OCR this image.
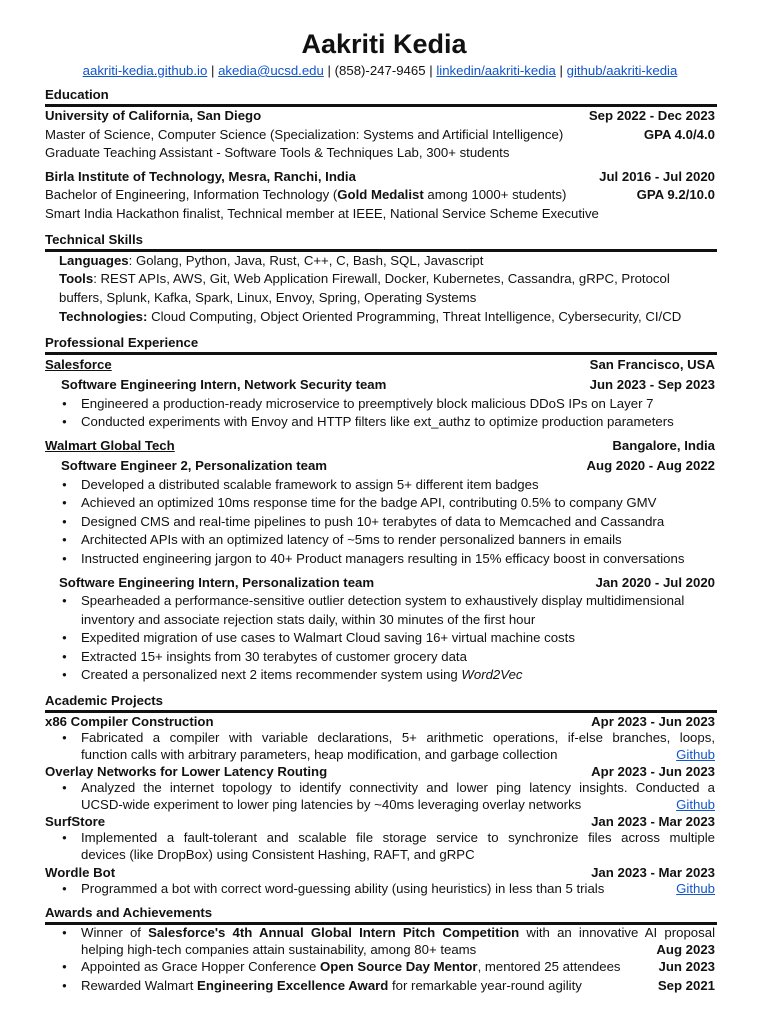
Aakriti Kedia
aakriti-kedia.github.io | akedia@ucsd.edu | (858)-247-9465 | linkedin/aakriti-kedia | github/aakriti-kedia
Education
University of California, San Diego	Sep 2022 - Dec 2023
Master of Science, Computer Science (Specialization: Systems and Artificial Intelligence)	GPA 4.0/4.0
Graduate Teaching Assistant - Software Tools & Techniques Lab, 300+ students
Birla Institute of Technology, Mesra, Ranchi, India	Jul 2016 - Jul 2020
Bachelor of Engineering, Information Technology (Gold Medalist among 1000+ students)	GPA 9.2/10.0
Smart India Hackathon finalist, Technical member at IEEE, National Service Scheme Executive
Technical Skills
Languages: Golang, Python, Java, Rust, C++, C, Bash, SQL, Javascript
Tools: REST APIs, AWS, Git, Web Application Firewall, Docker, Kubernetes, Cassandra, gRPC, Protocol
buffers, Splunk, Kafka, Spark, Linux, Envoy, Spring, Operating Systems
Technologies: Cloud Computing, Object Oriented Programming, Threat Intelligence, Cybersecurity, CI/CD
Professional Experience
Salesforce	San Francisco, USA
Software Engineering Intern, Network Security team	Jun 2023 - Sep 2023
● Engineered a production-ready microservice to preemptively block malicious DDoS IPs on Layer 7
● Conducted experiments with Envoy and HTTP filters like ext_authz to optimize production parameters
Walmart Global Tech	Bangalore, India
Software Engineer 2, Personalization team	Aug 2020 - Aug 2022
● Developed a distributed scalable framework to assign 5+ different item badges
● Achieved an optimized 10ms response time for the badge API, contributing 0.5% to company GMV
● Designed CMS and real-time pipelines to push 10+ terabytes of data to Memcached and Cassandra
● Architected APIs with an optimized latency of ~5ms to render personalized banners in emails
● Instructed engineering jargon to 40+ Product managers resulting in 15% efficacy boost in conversations
Software Engineering Intern, Personalization team	Jan 2020 - Jul 2020
● Spearheaded a performance-sensitive outlier detection system to exhaustively display multidimensional
inventory and associate rejection stats daily, within 30 minutes of the first hour
● Expedited migration of use cases to Walmart Cloud saving 16+ virtual machine costs
● Extracted 15+ insights from 30 terabytes of customer grocery data
● Created a personalized next 2 items recommender system using Word2Vec
Academic Projects
x86 Compiler Construction	Apr 2023 - Jun 2023
● Fabricated a compiler with variable declarations, 5+ arithmetic operations, if-else branches, loops,
function calls with arbitrary parameters, heap modification, and garbage collection	Github
Overlay Networks for Lower Latency Routing	Apr 2023 - Jun 2023
● Analyzed the internet topology to identify connectivity and lower ping latency insights. Conducted a
UCSD-wide experiment to lower ping latencies by ~40ms leveraging overlay networks	Github
SurfStore	Jan 2023 - Mar 2023
● Implemented a fault-tolerant and scalable file storage service to synchronize files across multiple
devices (like DropBox) using Consistent Hashing, RAFT, and gRPC
Wordle Bot	Jan 2023 - Mar 2023
● Programmed a bot with correct word-guessing ability (using heuristics) in less than 5 trials	Github
Awards and Achievements
● Winner of Salesforce's 4th Annual Global Intern Pitch Competition with an innovative AI proposal
helping high-tech companies attain sustainability, among 80+ teams	Aug 2023
● Appointed as Grace Hopper Conference Open Source Day Mentor, mentored 25 attendees	Jun 2023
● Rewarded Walmart Engineering Excellence Award for remarkable year-round agility	Sep 2021
